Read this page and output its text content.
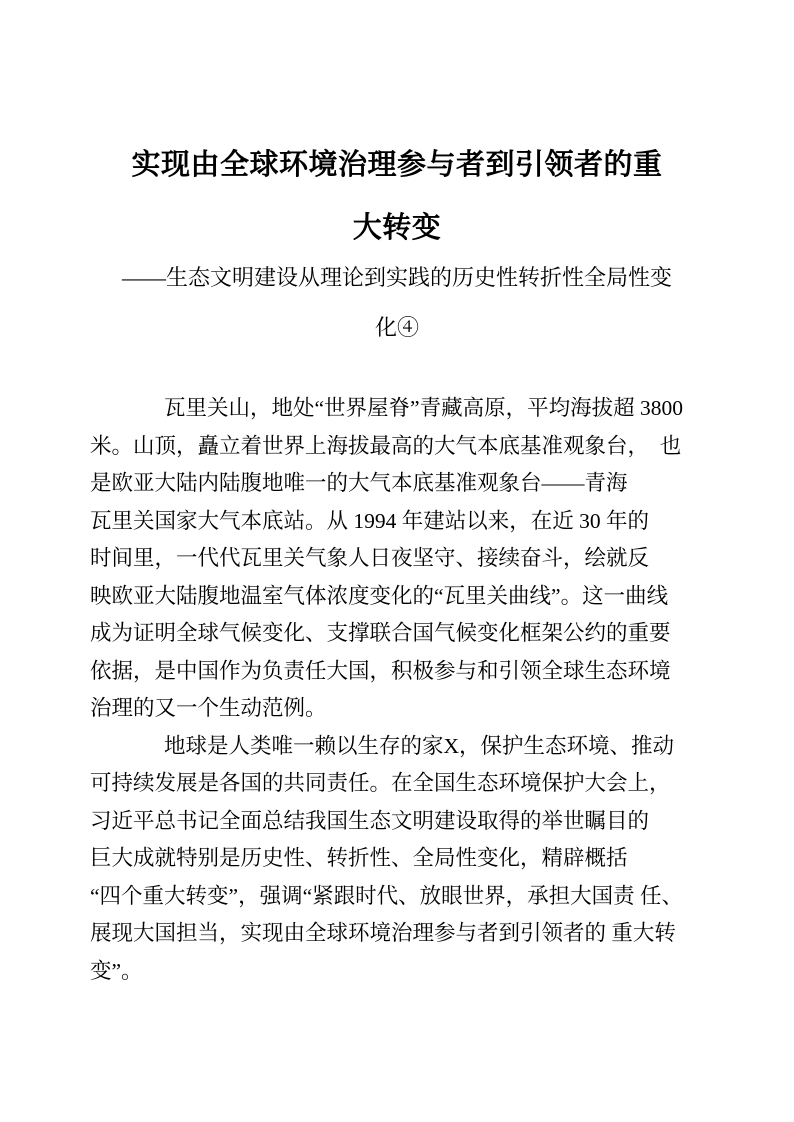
实现由全球环境治理参与者到引领者的重
大转变
——生态文明建设从理论到实践的历史性转折性全局性变
化④
瓦里关山，地处“世界屋脊”青藏高原，平均海拔超 3800
米。山顶，矗立着世界上海拔最高的大气本底基准观象台，  也
是欧亚大陆内陆腹地唯一的大气本底基准观象台——青海
瓦里关国家大气本底站。从 1994 年建站以来，在近 30 年的
时间里，一代代瓦里关气象人日夜坚守、接续奋斗，绘就反
映欧亚大陆腹地温室气体浓度变化的“瓦里关曲线”。这一曲线
成为证明全球气候变化、支撑联合国气候变化框架公约的重要
依据，是中国作为负责任大国，积极参与和引领全球生态环境
治理的又一个生动范例。
地球是人类唯一赖以生存的家X，保护生态环境、推动
可持续发展是各国的共同责任。在全国生态环境保护大会上，
习近平总书记全面总结我国生态文明建设取得的举世瞩目的
巨大成就特别是历史性、转折性、全局性变化，精辟概括
“四个重大转变”，强调“紧跟时代、放眼世界，承担大国责 任、
展现大国担当，实现由全球环境治理参与者到引领者的 重大转
变”。
